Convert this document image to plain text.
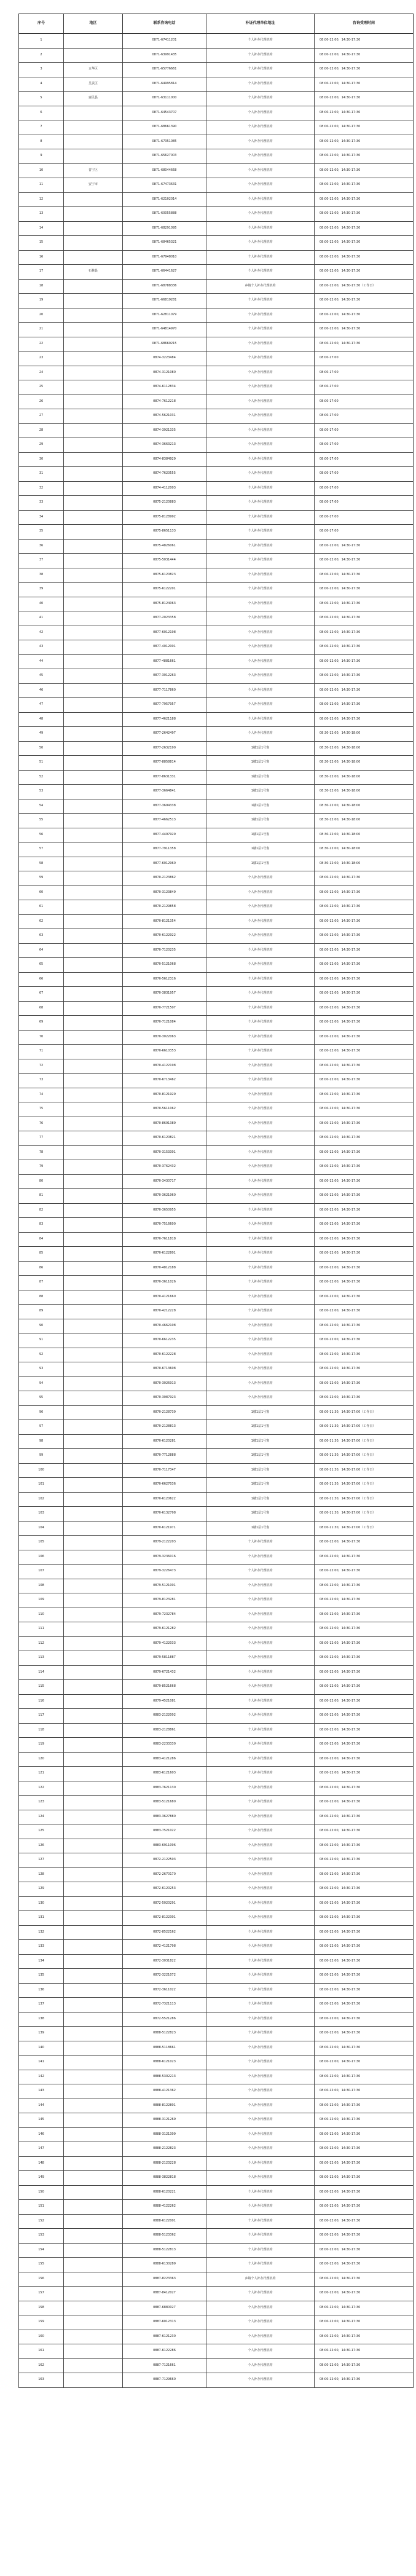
序号	地区	联系咨询电话	补证代理单位地址	咨询受理时间
1		0871-67411201	个人补办代理机构	08:00-12:00，14:30-17:30
2		0871-63991435	个人补办代理机构	08:00-12:00，14:30-17:30
3	五华区	0871-65776661	个人补办代理机构	08:00-12:00，14:30-17:30
4	呈贡区	0871-64995814	个人补办代理机构	08:00-12:00，14:30-17:30
5	富民县	0871-63111000	个人补办代理机构	08:00-12:00，14:30-17:30
6		0871-64543707	个人补办代理机构	08:00-12:00，14:30-17:30
7		0871-68661390	个人补办代理机构	08:00-12:00，14:30-17:30
8		0871-67351085	个人补办代理机构	08:00-12:00，14:30-17:30
9		0871-65627003	个人补办代理机构	08:00-12:00，14:30-17:30
10	晋宁区	0871-68044668	个人补办代理机构	08:00-12:00，14:30-17:30
11	安宁市	0871-67473631	个人补办代理机构	08:00-12:00，14:30-17:30
12		0871-62102014	个人补办代理机构	08:00-12:00，14:30-17:30
13		0871-60055888	个人补办代理机构	08:00-12:00，14:30-17:30
14		0871-68291095	个人补办代理机构	08:00-12:00，14:30-17:30
15		0871-68465321	个人补办代理机构	08:00-12:00，14:30-17:30
16		0871-67948010	个人补办代理机构	08:00-12:00，14:30-17:30
17	石林县	0871-66441627	个人补办代理机构	08:00-12:00，14:30-17:30
18		0871-68788336	乡镇个人补办代理机构	08:00-12:00，14:30-17:30（工作日）
19		0871-66819281	个人补办代理机构	08:00-12:00，14:30-17:30
20		0871-62811079	个人补办代理机构	08:00-12:00，14:30-17:30
21		0871-64814970	个人补办代理机构	08:00-12:00，14:30-17:30
22		0871-68660215	个人补办代理机构	08:00-12:00，14:30-17:30
23		0874-3223484	个人补办代理机构	08:00-17:00
24		0874-3121080	个人补办代理机构	08:00-17:00
25		0874-6112834	个人补办代理机构	08:00-17:00
26		0874-7612218	个人补办代理机构	08:00-17:00
27		0874-5621031	个人补办代理机构	08:00-17:00
28		0874-3921335	个人补办代理机构	08:00-17:00
29		0874-3663213	个人补办代理机构	08:00-17:00
30		0874-8384929	个人补办代理机构	08:00-17:00
31		0874-7620555	个人补办代理机构	08:00-17:00
32		0874-4112003	个人补办代理机构	08:00-17:00
33		0875-2120883	个人补办代理机构	08:00-17:00
34		0875-8128992	个人补办代理机构	08:00-17:00
35		0875-8651133	个人补办代理机构	08:00-17:00
36		0875-4826061	个人补办代理机构	08:00-12:00，14:30-17:30
37		0875-5031444	个人补办代理机构	08:00-12:00，14:30-17:30
38		0875-6120823	个人补办代理机构	08:00-12:00，14:30-17:30
39		0875-6122201	个人补办代理机构	08:00-12:00，14:30-17:30
40		0875-8124063	个人补办代理机构	08:00-12:00，14:30-17:30
41		0877-2023358	个人补办代理机构	08:00-12:00，14:30-17:30
42		0877-6012198	个人补办代理机构	08:00-12:00，14:30-17:30
43		0877-4012001	个人补办代理机构	08:00-12:00，14:30-17:30
44		0877-4881661	个人补办代理机构	08:00-12:00，14:30-17:30
45		0877-3012263	个人补办代理机构	08:00-12:00，14:30-17:30
46		0877-7117860	个人补办代理机构	08:00-12:00，14:30-17:30
47		0877-7957957	个人补办代理机构	08:00-12:00，14:30-17:30
48		0877-4621188	个人补办代理机构	08:00-12:00，14:30-17:30
49		0877-2642497	个人补办代理机构	08:30-12:00，14:30-18:00
50		0877-2632190	1楼1层1号窗	08:30-12:00，14:30-18:00
51		0877-8858814	1楼1层1号窗	08:30-12:00，14:30-18:00
52		0877-8631331	1楼1层1号窗	08:30-12:00，14:30-18:00
53		0877-3664841	1楼1层1号窗	08:30-12:00，14:30-18:00
54		0877-3694338	1楼1层1号窗	08:30-12:00，14:30-18:00
55		0877-4662513	1楼1层1号窗	08:30-12:00，14:30-18:00
56		0877-4497929	1楼1层1号窗	08:30-12:00，14:30-18:00
57		0877-7911358	1楼1层1号窗	08:30-12:00，14:30-18:00
58		0877-6012960	1楼1层1号窗	08:30-12:00，14:30-18:00
59		0870-2123862	个人补办代理机构	08:00-12:00，14:30-17:30
60		0870-3123849	个人补办代理机构	08:00-12:00，14:30-17:30
61		0870-2129858	个人补办代理机构	08:00-12:00，14:30-17:30
62		0870-8121354	个人补办代理机构	08:00-12:00，14:30-17:30
63		0870-6122922	个人补办代理机构	08:00-12:00，14:30-17:30
64		0870-7120235	个人补办代理机构	08:00-12:00，14:30-17:30
65		0870-5121068	个人补办代理机构	08:00-12:00，14:30-17:30
66		0870-5612316	个人补办代理机构	08:00-12:00，14:30-17:30
67		0870-3831957	个人补办代理机构	08:00-12:00，14:30-17:30
68		0870-7721507	个人补办代理机构	08:00-12:00，14:30-17:30
69		0870-7121084	个人补办代理机构	08:00-12:00，14:30-17:30
70		0870-3022063	个人补办代理机构	08:00-12:00，14:30-17:30
71		0870-6610353	个人补办代理机构	08:00-12:00，14:30-17:30
72		0870-4122198	个人补办代理机构	08:00-12:00，14:30-17:30
73		0870-6713462	个人补办代理机构	08:00-12:00，14:30-17:30
74		0870-8121929	个人补办代理机构	08:00-12:00，14:30-17:30
75		0870-5611062	个人补办代理机构	08:00-12:00，14:30-17:30
76		0870-8691389	个人补办代理机构	08:00-12:00，14:30-17:30
77		0870-6120821	个人补办代理机构	08:00-12:00，14:30-17:30
78		0870-3153301	个人补办代理机构	08:00-12:00，14:30-17:30
79		0870-3762432	个人补办代理机构	08:00-12:00，14:30-17:30
80		0870-3430717	个人补办代理机构	08:00-12:00，14:30-17:30
81		0870-3621960	个人补办代理机构	08:00-12:00，14:30-17:30
82		0870-3650955	个人补办代理机构	08:00-12:00，14:30-17:30
83		0870-7516600	个人补办代理机构	08:00-12:00，14:30-17:30
84		0870-7611818	个人补办代理机构	08:00-12:00，14:30-17:30
85		0870-6122801	个人补办代理机构	08:00-12:00，14:30-17:30
86		0870-4812188	个人补办代理机构	08:00-12:00，14:30-17:30
87		0870-3611026	个人补办代理机构	08:00-12:00，14:30-17:30
88		0870-4121660	个人补办代理机构	08:00-12:00，14:30-17:30
89		0870-4212228	个人补办代理机构	08:00-12:00，14:30-17:30
90		0870-4662108	个人补办代理机构	08:00-12:00，14:30-17:30
91		0870-6612235	个人补办代理机构	08:00-12:00，14:30-17:30
92		0870-6122228	个人补办代理机构	08:00-12:00，14:30-17:30
93		0870-6713608	个人补办代理机构	08:00-12:00，14:30-17:30
94		0870-3026913	个人补办代理机构	08:00-12:00，14:30-17:30
95		0870-3087923	个人补办代理机构	08:00-12:00，14:30-17:30
96		0870-2128739	1楼1层1号窗	08:00-11:30，14:30-17:00（工作日）
97		0870-2128813	1楼1层1号窗	08:00-11:30，14:30-17:00（工作日）
98		0870-6120281	1楼1层1号窗	08:00-11:30，14:30-17:00（工作日）
99		0870-7712888	1楼1层1号窗	08:00-11:30，14:30-17:00（工作日）
100		0870-7117347	1楼1层1号窗	08:00-11:30，14:30-17:00（工作日）
101		0870-6627036	1楼1层1号窗	08:00-11:30，14:30-17:00（工作日）
102		0870-6120622	1楼1层1号窗	08:00-11:30，14:30-17:00（工作日）
103		0870-6132798	1楼1层1号窗	08:00-11:30，14:30-17:00（工作日）
104		0870-6121971	1楼1层1号窗	08:00-11:30，14:30-17:00（工作日）
105		0879-2122203	个人补办代理机构	08:00-12:00，14:30-17:30
106		0879-3236016	个人补办代理机构	08:00-12:00，14:30-17:30
107		0879-3226473	个人补办代理机构	08:00-12:00，14:30-17:30
108		0879-5121001	个人补办代理机构	08:00-12:00，14:30-17:30
109		0879-8123281	个人补办代理机构	08:00-12:00，14:30-17:30
110		0879-7232784	个人补办代理机构	08:00-12:00，14:30-17:30
111		0879-6121282	个人补办代理机构	08:00-12:00，14:30-17:30
112		0879-4122033	个人补办代理机构	08:00-12:00，14:30-17:30
113		0879-5811887	个人补办代理机构	08:00-12:00，14:30-17:30
114		0879-6721432	个人补办代理机构	08:00-12:00，14:30-17:30
115		0879-8521668	个人补办代理机构	08:00-12:00，14:30-17:30
116		0879-4521081	个人补办代理机构	08:00-12:00，14:30-17:30
117		0883-2122002	个人补办代理机构	08:00-12:00，14:30-17:30
118		0883-2128861	个人补办代理机构	08:00-12:00，14:30-17:30
119		0883-2233330	个人补办代理机构	08:00-12:00，14:30-17:30
120		0883-4121286	个人补办代理机构	08:00-12:00，14:30-17:30
121		0883-6121603	个人补办代理机构	08:00-12:00，14:30-17:30
122		0883-7621130	个人补办代理机构	08:00-12:00，14:30-17:30
123		0883-5121680	个人补办代理机构	08:00-12:00，14:30-17:30
124		0883-3627880	个人补办代理机构	08:00-12:00，14:30-17:30
125		0883-7521022	个人补办代理机构	08:00-12:00，14:30-17:30
126		0883-6911096	个人补办代理机构	08:00-12:00，14:30-17:30
127		0872-2122503	个人补办代理机构	08:00-12:00，14:30-17:30
128		0872-2670170	个人补办代理机构	08:00-12:00，14:30-17:30
129		0872-6120253	个人补办代理机构	08:00-12:00，14:30-17:30
130		0872-5020291	个人补办代理机构	08:00-12:00，14:30-17:30
131		0872-8122301	个人补办代理机构	08:00-12:00，14:30-17:30
132		0872-8522162	个人补办代理机构	08:00-12:00，14:30-17:30
133		0872-4121798	个人补办代理机构	08:00-12:00，14:30-17:30
134		0872-3031822	个人补办代理机构	08:00-12:00，14:30-17:30
135		0872-3221072	个人补办代理机构	08:00-12:00，14:30-17:30
136		0872-3611022	个人补办代理机构	08:00-12:00，14:30-17:30
137		0872-7321113	个人补办代理机构	08:00-12:00，14:30-17:30
138		0872-5521286	个人补办代理机构	08:00-12:00，14:30-17:30
139		0888-5122823	个人补办代理机构	08:00-12:00，14:30-17:30
140		0888-5118661	个人补办代理机构	08:00-12:00，14:30-17:30
141		0888-6121023	个人补办代理机构	08:00-12:00，14:30-17:30
142		0888-5302213	个人补办代理机构	08:00-12:00，14:30-17:30
143		0888-4121362	个人补办代理机构	08:00-12:00，14:30-17:30
144		0888-8122801	个人补办代理机构	08:00-12:00，14:30-17:30
145		0888-3121269	个人补办代理机构	08:00-12:00，14:30-17:30
146		0888-3121309	个人补办代理机构	08:00-12:00，14:30-17:30
147		0888-2122823	个人补办代理机构	08:00-12:00，14:30-17:30
148		0888-2123228	个人补办代理机构	08:00-12:00，14:30-17:30
149		0888-3822818	个人补办代理机构	08:00-12:00，14:30-17:30
150		0888-6120221	个人补办代理机构	08:00-12:00，14:30-17:30
151		0888-4122262	个人补办代理机构	08:00-12:00，14:30-17:30
152		0888-6122001	个人补办代理机构	08:00-12:00，14:30-17:30
153		0888-5123362	个人补办代理机构	08:00-12:00，14:30-17:30
154		0888-5122813	个人补办代理机构	08:00-12:00，14:30-17:30
155		0888-6130289	个人补办代理机构	08:00-12:00，14:30-17:30
156		0887-8223363	乡镇个人补办代理机构	08:00-12:00，14:30-17:30
157		0887-8412027	个人补办代理机构	08:00-12:00，14:30-17:30
158		0887-6880027	个人补办代理机构	08:00-12:00，14:30-17:30
159		0887-6012313	个人补办代理机构	08:00-12:00，14:30-17:30
160		0887-6121230	个人补办代理机构	08:00-12:00，14:30-17:30
161		0887-6122286	个人补办代理机构	08:00-12:00，14:30-17:30
162		0887-7121661	个人补办代理机构	08:00-12:00，14:30-17:30
163		0887-7129660	个人补办代理机构	08:00-12:00，14:30-17:30
